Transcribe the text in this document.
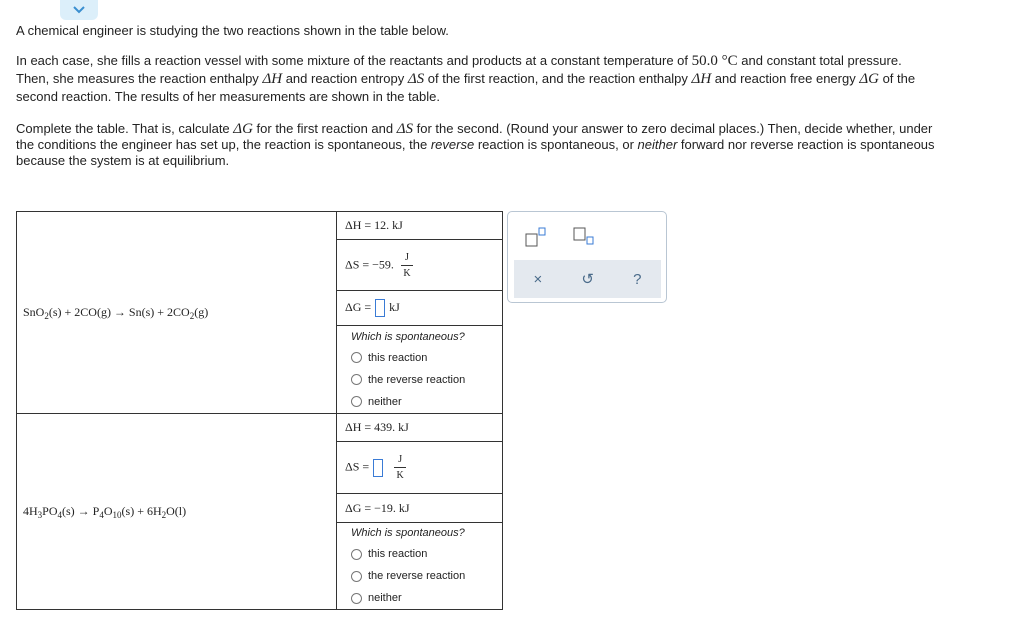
A chemical engineer is studying the two reactions shown in the table below.

In each case, she fills a reaction vessel with some mixture of the reactants and products at a constant temperature of 50.0 °C and constant total pressure.
Then, she measures the reaction enthalpy ΔH and reaction entropy ΔS of the first reaction, and the reaction enthalpy ΔH and reaction free energy ΔG of the
second reaction. The results of her measurements are shown in the table.

Complete the table. That is, calculate ΔG for the first reaction and ΔS for the second. (Round your answer to zero decimal places.) Then, decide whether, under
the conditions the engineer has set up, the reaction is spontaneous, the reverse reaction is spontaneous, or neither forward nor reverse reaction is spontaneous
because the system is at equilibrium.

$SnO_2(s) + 2CO(g) \to Sn(s) + 2CO_2(g)$	ΔH = 12. kJ
	ΔS = −59. $\frac{J}{K}$

	ΔG = kJ

	Which is spontaneous?
this reaction
the reverse reaction
neither

$4H_3PO_4(s) \to P_4O_{10}(s) + 6H_2O(l)$	ΔH = 439. kJ
	$\Delta S = \frac{J}{K}$

	ΔG = −19. kJ

	Which is spontaneous?
this reaction
the reverse reaction
neither
×	↺	?
